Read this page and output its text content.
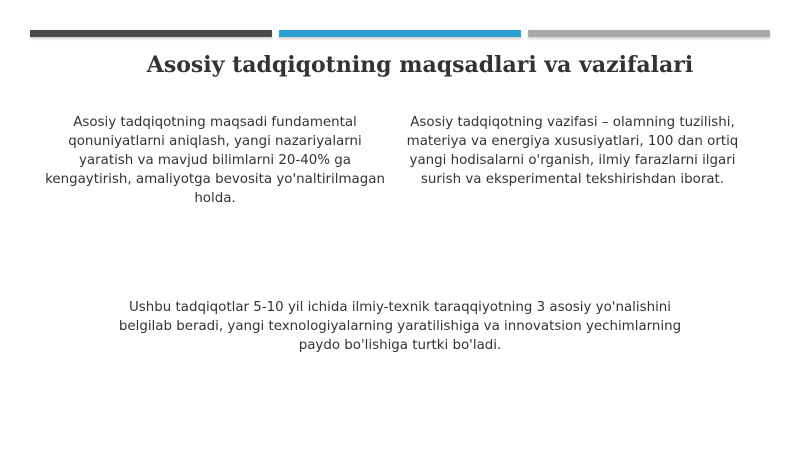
Asosiy tadqiqotning maqsadlari va vazifalari
Asosiy tadqiqotning maqsadi fundamental qonuniyatlarni aniqlash, yangi nazariyalarni yaratish va mavjud bilimlarni 20-40% ga kengaytirish, amaliyotga bevosita yo'naltirilmagan holda.
Asosiy tadqiqotning vazifasi – olamning tuzilishi, materiya va energiya xususiyatlari, 100 dan ortiq yangi hodisalarni o'rganish, ilmiy farazlarni ilgari surish va eksperimental tekshirishdan iborat.
Ushbu tadqiqotlar 5-10 yil ichida ilmiy-texnik taraqqiyotning 3 asosiy yo'nalishini belgilab beradi, yangi texnologiyalarning yaratilishiga va innovatsion yechimlarning paydo bo'lishiga turtki bo'ladi.
